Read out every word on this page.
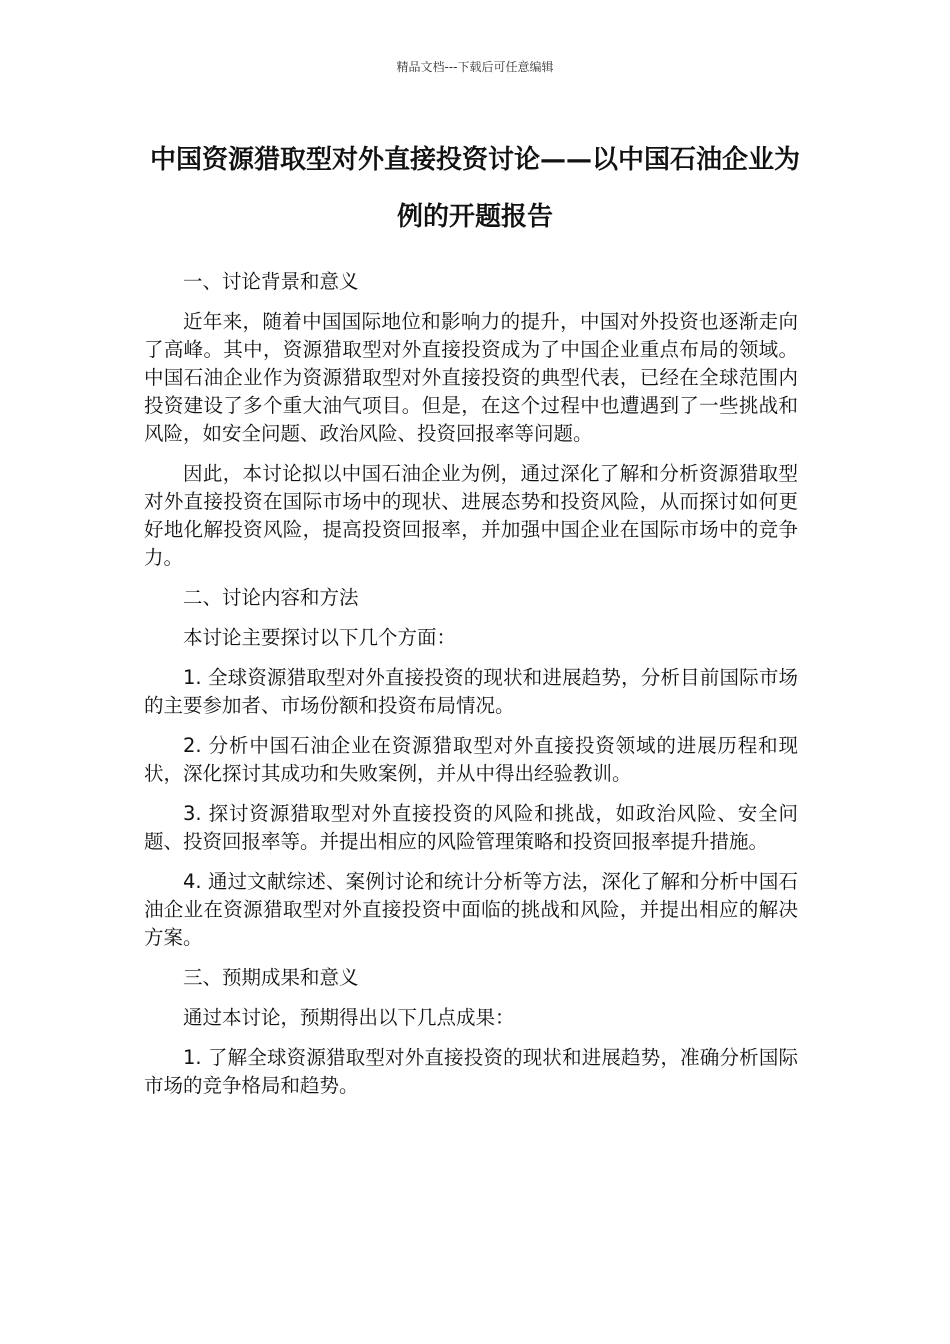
精品文档---下载后可任意编辑
中国资源猎取型对外直接投资讨论——以中国石油企业为例的开题报告

一、讨论背景和意义

近年来，随着中国国际地位和影响力的提升，中国对外投资也逐渐走向了高峰。其中，资源猎取型对外直接投资成为了中国企业重点布局的领域。中国石油企业作为资源猎取型对外直接投资的典型代表，已经在全球范围内投资建设了多个重大油气项目。但是，在这个过程中也遭遇到了一些挑战和风险，如安全问题、政治风险、投资回报率等问题。

因此，本讨论拟以中国石油企业为例，通过深化了解和分析资源猎取型对外直接投资在国际市场中的现状、进展态势和投资风险，从而探讨如何更好地化解投资风险，提高投资回报率，并加强中国企业在国际市场中的竞争力。

二、讨论内容和方法

本讨论主要探讨以下几个方面：

1. 全球资源猎取型对外直接投资的现状和进展趋势，分析目前国际市场的主要参加者、市场份额和投资布局情况。

2. 分析中国石油企业在资源猎取型对外直接投资领域的进展历程和现状，深化探讨其成功和失败案例，并从中得出经验教训。

3. 探讨资源猎取型对外直接投资的风险和挑战，如政治风险、安全问题、投资回报率等。并提出相应的风险管理策略和投资回报率提升措施。

4. 通过文献综述、案例讨论和统计分析等方法，深化了解和分析中国石油企业在资源猎取型对外直接投资中面临的挑战和风险，并提出相应的解决方案。

三、预期成果和意义

通过本讨论，预期得出以下几点成果：

1. 了解全球资源猎取型对外直接投资的现状和进展趋势，准确分析国际市场的竞争格局和趋势。
